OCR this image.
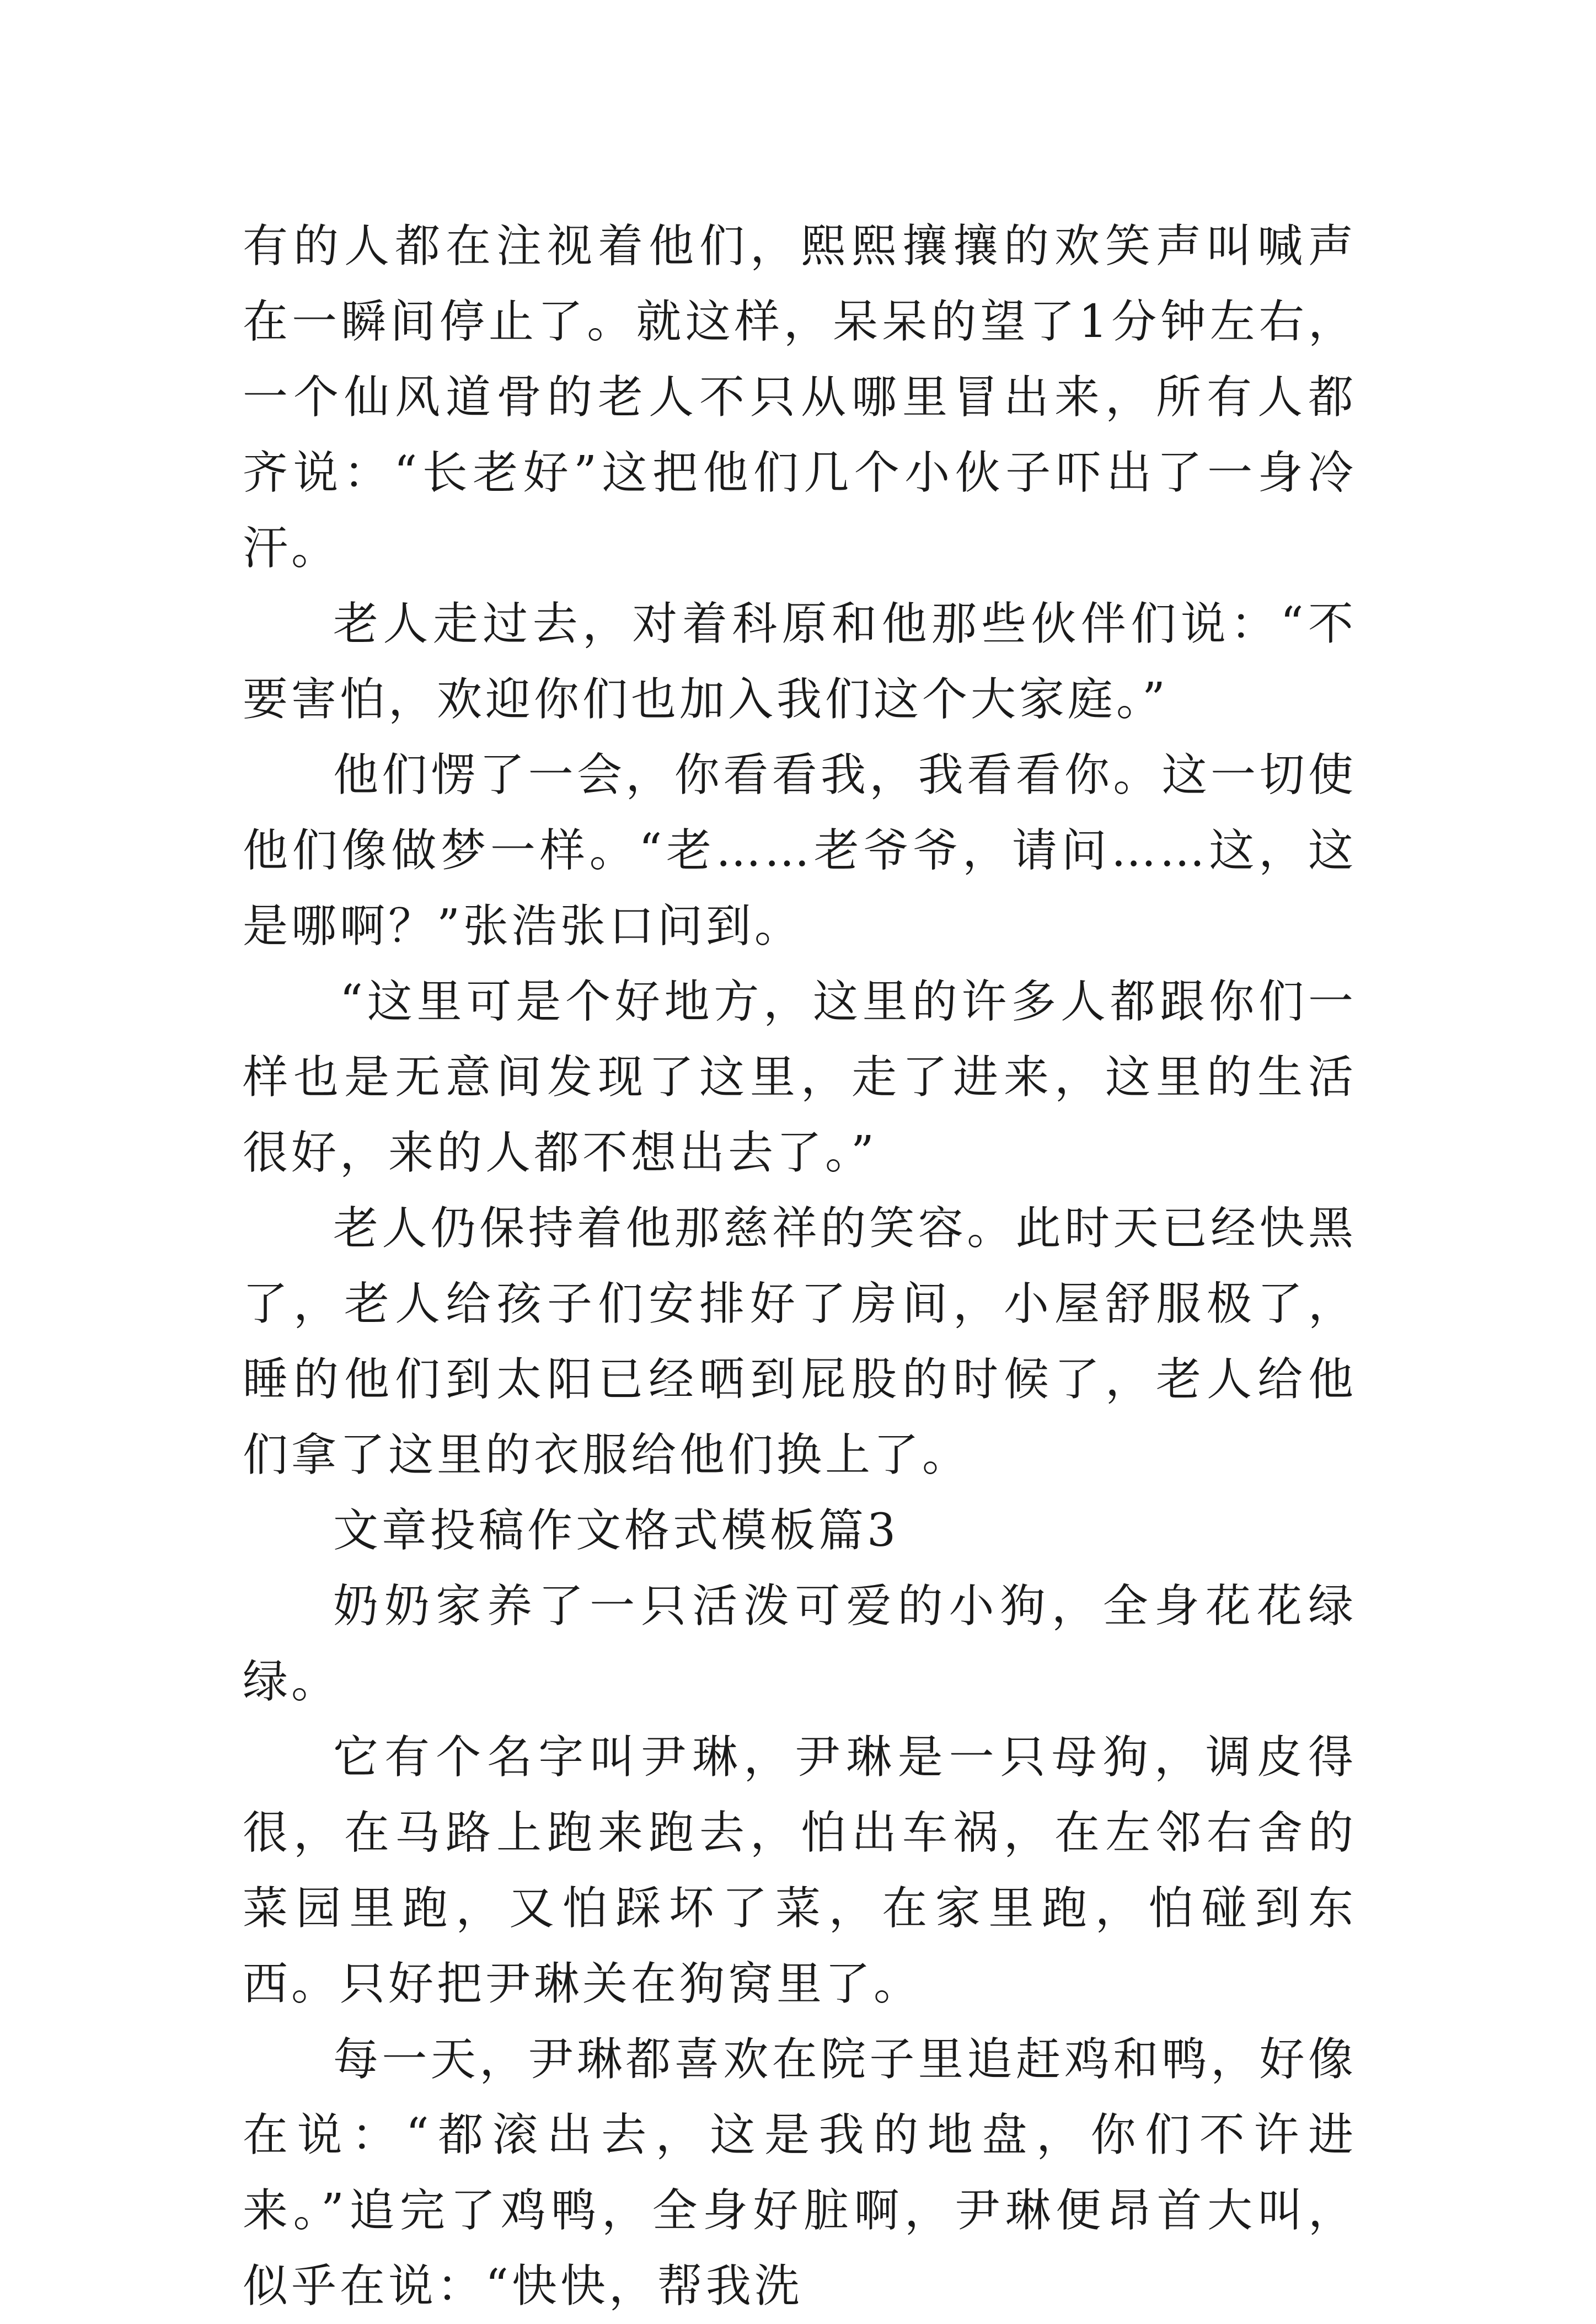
有的人都在注视着他们，熙熙攘攘的欢笑声叫喊声在一瞬间停止了。就这样，呆呆的望了1分钟左右，一个仙风道骨的老人不只从哪里冒出来，所有人都齐说：“长老好”这把他们几个小伙子吓出了一身冷汗。

老人走过去，对着科原和他那些伙伴们说：“不要害怕，欢迎你们也加入我们这个大家庭。”

他们愣了一会，你看看我，我看看你。这一切使他们像做梦一样。“老……老爷爷，请问……这，这是哪啊？”张浩张口问到。

“这里可是个好地方，这里的许多人都跟你们一样也是无意间发现了这里，走了进来，这里的生活很好，来的人都不想出去了。”

老人仍保持着他那慈祥的笑容。此时天已经快黑了，老人给孩子们安排好了房间，小屋舒服极了，睡的他们到太阳已经晒到屁股的时候了，老人给他们拿了这里的衣服给他们换上了。

文章投稿作文格式模板篇3

奶奶家养了一只活泼可爱的小狗，全身花花绿绿。

它有个名字叫尹琳，尹琳是一只母狗，调皮得很，在马路上跑来跑去，怕出车祸，在左邻右舍的菜园里跑，又怕踩坏了菜，在家里跑，怕碰到东西。只好把尹琳关在狗窝里了。

每一天，尹琳都喜欢在院子里追赶鸡和鸭，好像在说：“都滚出去，这是我的地盘，你们不许进来。”追完了鸡鸭，全身好脏啊，尹琳便昂首大叫，似乎在说：“快快，帮我洗
